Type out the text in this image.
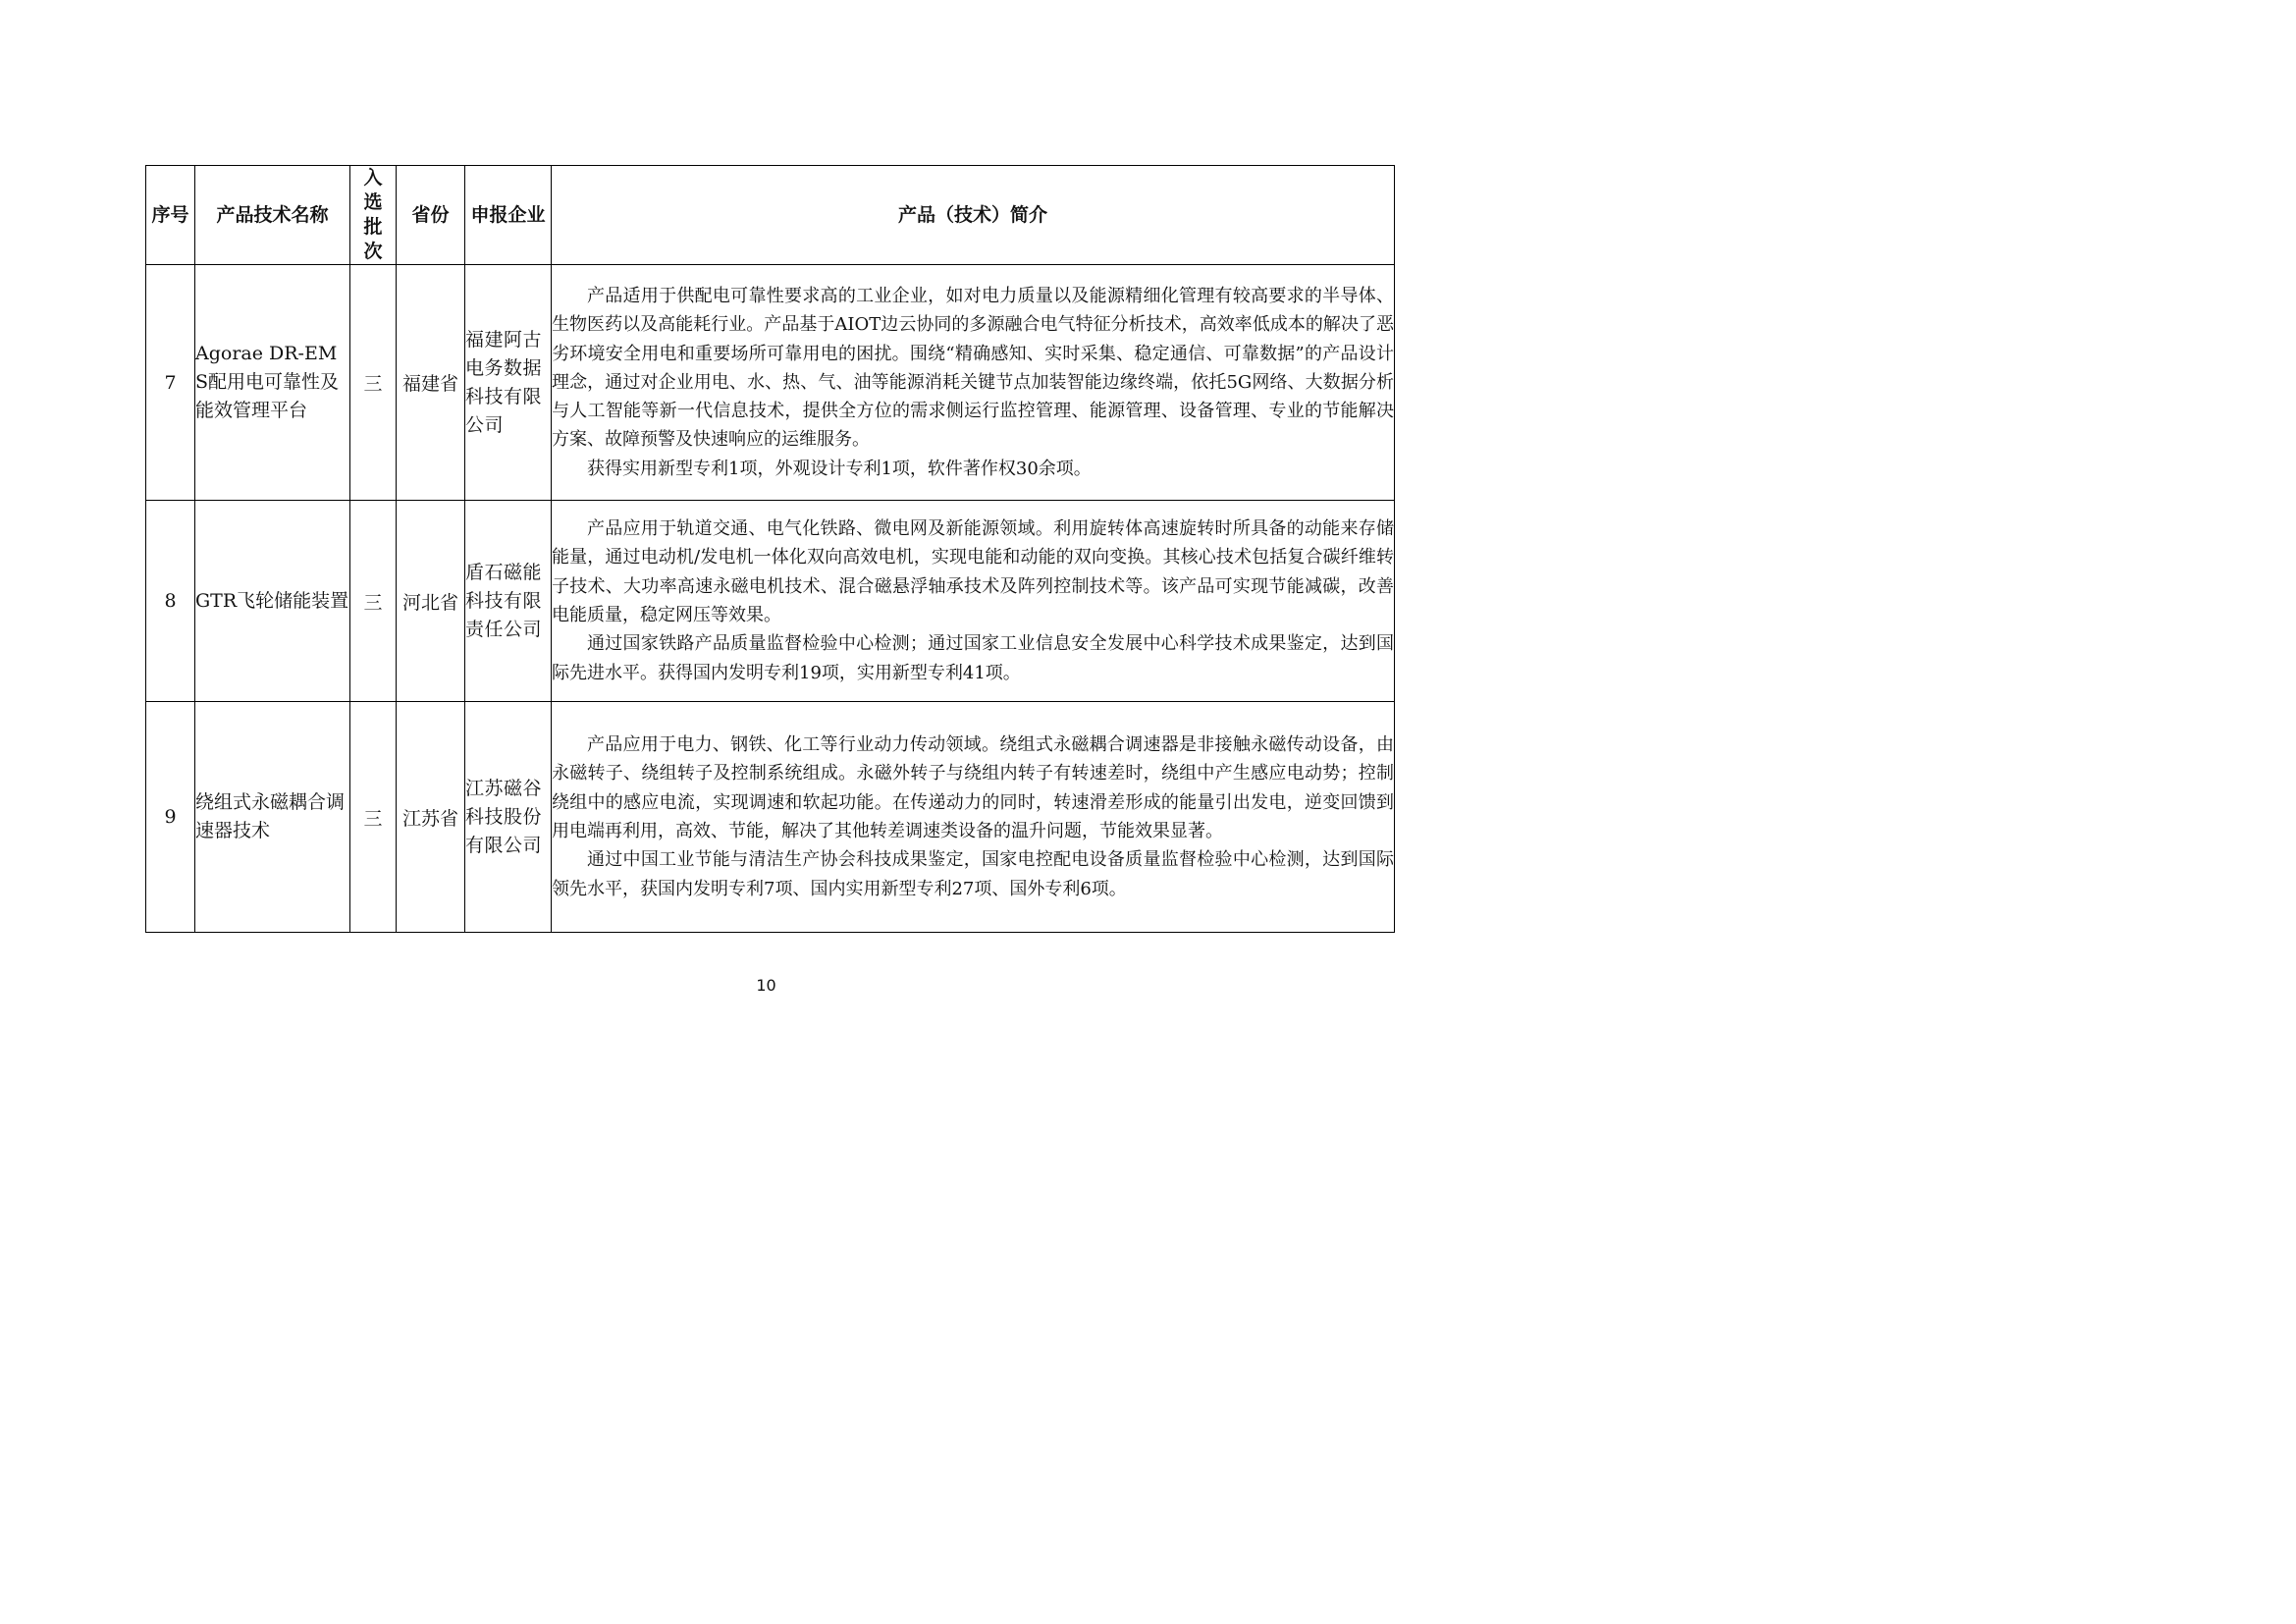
序号	产品技术名称	入选批次	省份	申报企业	产品（技术）简介
7	Agorae DR-EMS配用电可靠性及能效管理平台	三	福建省	福建阿古电务数据科技有限公司	产品适用于供配电可靠性要求高的工业企业，如对电力质量以及能源精细化管理有较高要求的半导体、生物医药以及高能耗行业。产品基于AIOT边云协同的多源融合电气特征分析技术，高效率低成本的解决了恶劣环境安全用电和重要场所可靠用电的困扰。围绕“精确感知、实时采集、稳定通信、可靠数据”的产品设计理念，通过对企业用电、水、热、气、油等能源消耗关键节点加装智能边缘终端，依托5G网络、大数据分析与人工智能等新一代信息技术，提供全方位的需求侧运行监控管理、能源管理、设备管理、专业的节能解决方案、故障预警及快速响应的运维服务。

获得实用新型专利1项，外观设计专利1项，软件著作权30余项。

8	GTR飞轮储能装置	三	河北省	盾石磁能科技有限责任公司	产品应用于轨道交通、电气化铁路、微电网及新能源领域。利用旋转体高速旋转时所具备的动能来存储能量，通过电动机/发电机一体化双向高效电机，实现电能和动能的双向变换。其核心技术包括复合碳纤维转子技术、大功率高速永磁电机技术、混合磁悬浮轴承技术及阵列控制技术等。该产品可实现节能减碳，改善电能质量，稳定网压等效果。

通过国家铁路产品质量监督检验中心检测；通过国家工业信息安全发展中心科学技术成果鉴定，达到国际先进水平。获得国内发明专利19项，实用新型专利41项。

9	绕组式永磁耦合调速器技术	三	江苏省	江苏磁谷科技股份有限公司	产品应用于电力、钢铁、化工等行业动力传动领域。绕组式永磁耦合调速器是非接触永磁传动设备，由永磁转子、绕组转子及控制系统组成。永磁外转子与绕组内转子有转速差时，绕组中产生感应电动势；控制绕组中的感应电流，实现调速和软起功能。在传递动力的同时，转速滑差形成的能量引出发电，逆变回馈到用电端再利用，高效、节能，解决了其他转差调速类设备的温升问题，节能效果显著。

通过中国工业节能与清洁生产协会科技成果鉴定，国家电控配电设备质量监督检验中心检测，达到国际领先水平，获国内发明专利7项、国内实用新型专利27项、国外专利6项。

10
